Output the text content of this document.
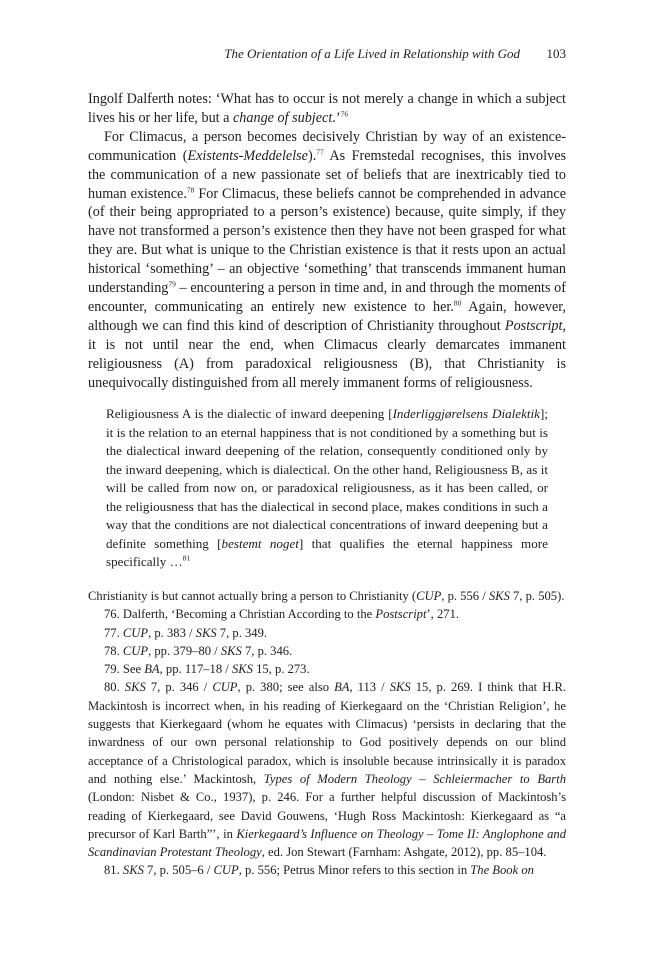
The Orientation of a Life Lived in Relationship with God 103

Ingolf Dalferth notes: ‘What has to occur is not merely a change in which a subject lives his or her life, but a change of subject.’$^{76}$

For Climacus, a person becomes decisively Christian by way of an existence-communication (Existents-Meddelelse).$^{77}$ As Fremstedal recognises, this involves the communication of a new passionate set of beliefs that are inextricably tied to human existence.$^{78}$ For Climacus, these beliefs cannot be comprehended in advance (of their being appropriated to a person’s existence) because, quite simply, if they have not transformed a person’s existence then they have not been grasped for what they are. But what is unique to the Christian existence is that it rests upon an actual historical ‘something’ – an objective ‘something’ that transcends immanent human understanding$^{79}$ – encountering a person in time and, in and through the moments of encounter, communicating an entirely new existence to her.$^{80}$ Again, however, although we can find this kind of description of Christianity throughout Postscript, it is not until near the end, when Climacus clearly demarcates immanent religiousness (A) from paradoxical religiousness (B), that Christianity is unequivocally distinguished from all merely immanent forms of religiousness.

Religiousness A is the dialectic of inward deepening [Inderliggjørelsens Dialektik]; it is the relation to an eternal happiness that is not conditioned by a something but is the dialectical inward deepening of the relation, consequently conditioned only by the inward deepening, which is dialectical. On the other hand, Religiousness B, as it will be called from now on, or paradoxical religiousness, as it has been called, or the religiousness that has the dialectical in second place, makes conditions in such a way that the conditions are not dialectical concentrations of inward deepening but a definite something [bestemt noget] that qualifies the eternal happiness more specifically …$^{81}$

Christianity is but cannot actually bring a person to Christianity (CUP, p. 556 / SKS 7, p. 505).

76. Dalferth, ‘Becoming a Christian According to the Postscript’, 271.

77. CUP, p. 383 / SKS 7, p. 349.

78. CUP, pp. 379–80 / SKS 7, p. 346.

79. See BA, pp. 117–18 / SKS 15, p. 273.

80. SKS 7, p. 346 / CUP, p. 380; see also BA, 113 / SKS 15, p. 269. I think that H.R. Mackintosh is incorrect when, in his reading of Kierkegaard on the ‘Christian Religion’, he suggests that Kierkegaard (whom he equates with Climacus) ‘persists in declaring that the inwardness of our own personal relationship to God positively depends on our blind acceptance of a Christological paradox, which is insoluble because intrinsically it is paradox and nothing else.’ Mackintosh, Types of Modern Theology – Schleiermacher to Barth (London: Nisbet & Co., 1937), p. 246. For a further helpful discussion of Mackintosh’s reading of Kierkegaard, see David Gouwens, ‘Hugh Ross Mackintosh: Kierkegaard as “a precursor of Karl Barth”’, in Kierkegaard’s Influence on Theology – Tome II: Anglophone and Scandinavian Protestant Theology, ed. Jon Stewart (Farnham: Ashgate, 2012), pp. 85–104.

81. SKS 7, p. 505–6 / CUP, p. 556; Petrus Minor refers to this section in The Book on
